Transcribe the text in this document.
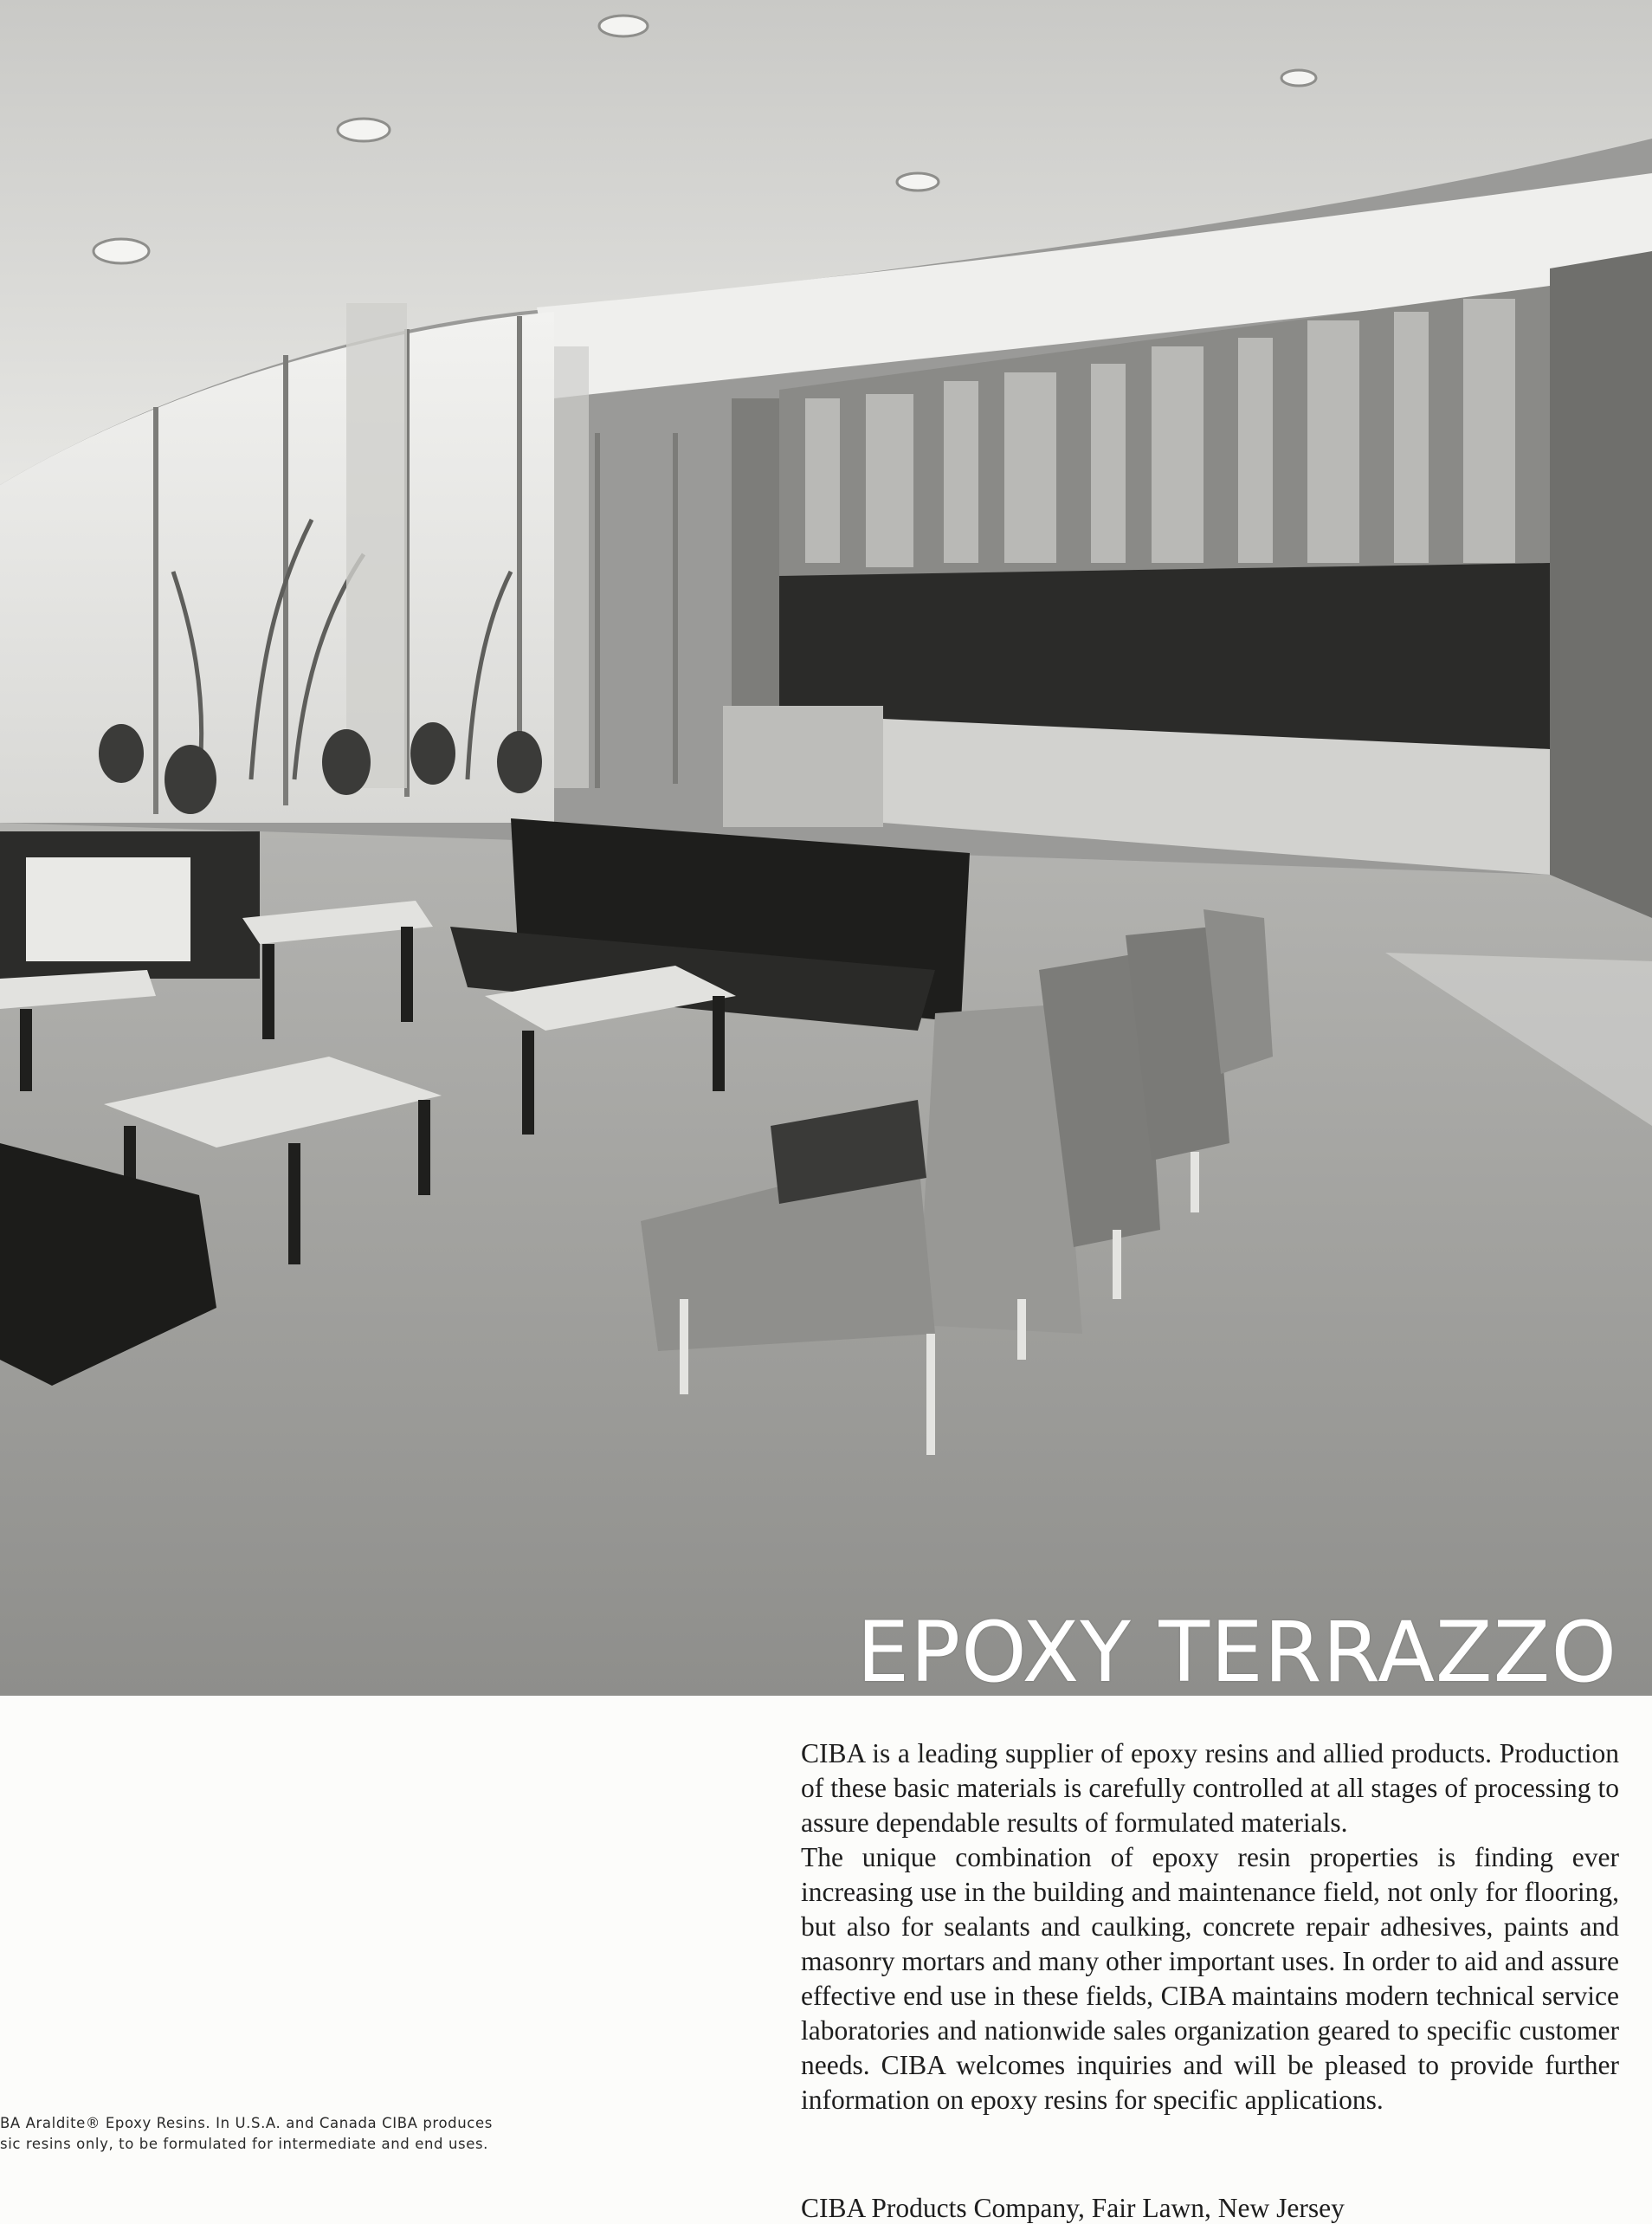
EPOXY TERRAZZO

CIBA is a leading supplier of epoxy resins and allied products. Production of these basic materials is carefully controlled at all stages of processing to assure dependable results of formulated materials.

The unique combination of epoxy resin properties is finding ever increasing use in the building and maintenance field, not only for flooring, but also for sealants and caulking, concrete repair adhesives, paints and masonry mortars and many other important uses. In order to aid and assure effective end use in these fields, CIBA maintains modern technical service laboratories and nationwide sales organization geared to specific customer needs. CIBA welcomes inquiries and will be pleased to provide further information on epoxy resins for specific applications.

BA Araldite® Epoxy Resins. In U.S.A. and Canada CIBA produces
sic resins only, to be formulated for intermediate and end uses.
CIBA Products Company, Fair Lawn, New Jersey
